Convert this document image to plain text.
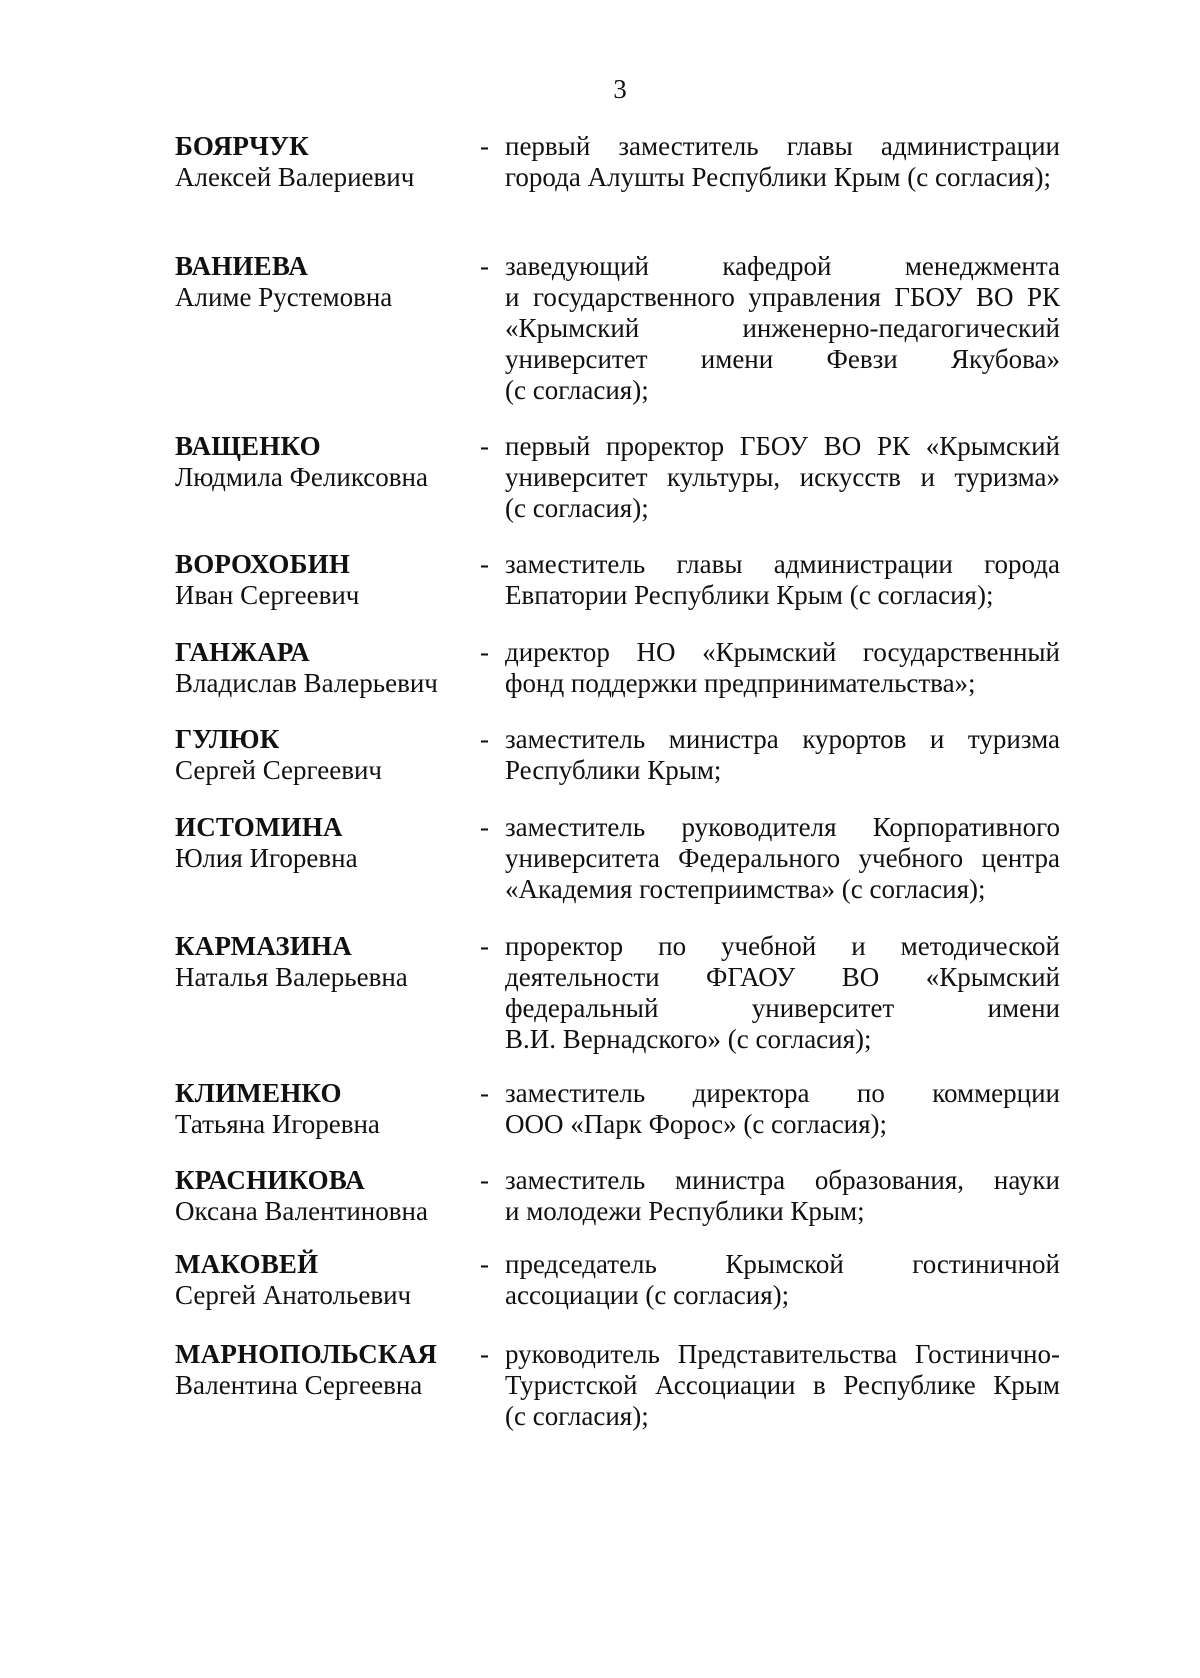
3
БОЯРЧУК
Алексей Валериевич
- первый заместитель главы администрации
города Алушты Республики Крым (с согласия);
ВАНИЕВА
Алиме Рустемовна
- заведующий кафедрой менеджмента
и государственного управления ГБОУ ВО РК
«Крымский инженерно-педагогический
университет имени Февзи Якубова»
(с согласия);
ВАЩЕНКО
Людмила Феликсовна
- первый проректор ГБОУ ВО РК «Крымский
университет культуры, искусств и туризма»
(с согласия);
ВОРОХОБИН
Иван Сергеевич
- заместитель главы администрации города
Евпатории Республики Крым (с согласия);
ГАНЖАРА
Владислав Валерьевич
- директор НО «Крымский государственный
фонд поддержки предпринимательства»;
ГУЛЮК
Сергей Сергеевич
- заместитель министра курортов и туризма
Республики Крым;
ИСТОМИНА
Юлия Игоревна
- заместитель руководителя Корпоративного
университета Федерального учебного центра
«Академия гостеприимства» (с согласия);
КАРМАЗИНА
Наталья Валерьевна
- проректор по учебной и методической
деятельности ФГАОУ ВО «Крымский
федеральный университет имени
В.И. Вернадского» (с согласия);
КЛИМЕНКО
Татьяна Игоревна
- заместитель директора по коммерции
ООО «Парк Форос» (с согласия);
КРАСНИКОВА
Оксана Валентиновна
- заместитель министра образования, науки
и молодежи Республики Крым;
МАКОВЕЙ
Сергей Анатольевич
- председатель Крымской гостиничной
ассоциации (с согласия);
МАРНОПОЛЬСКАЯ
Валентина Сергеевна
- руководитель Представительства Гостинично-
Туристской Ассоциации в Республике Крым
(с согласия);
